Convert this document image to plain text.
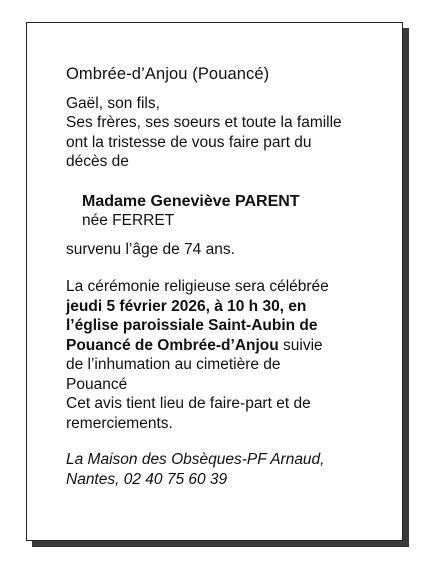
Ombrée-d’Anjou (Pouancé)

Gaël, son fils,
Ses frères, ses soeurs et toute la famille
ont la tristesse de vous faire part du
décès de

Madame Geneviève PARENT
née FERRET

survenu l’âge de 74 ans.

La cérémonie religieuse sera célébrée
jeudi 5 février 2026, à 10 h 30, en
l’église paroissiale Saint-Aubin de
Pouancé de Ombrée-d’Anjou suivie
de l’inhumation au cimetière de
Pouancé
Cet avis tient lieu de faire-part et de
remerciements.

La Maison des Obsèques-PF Arnaud,
Nantes, 02 40 75 60 39
